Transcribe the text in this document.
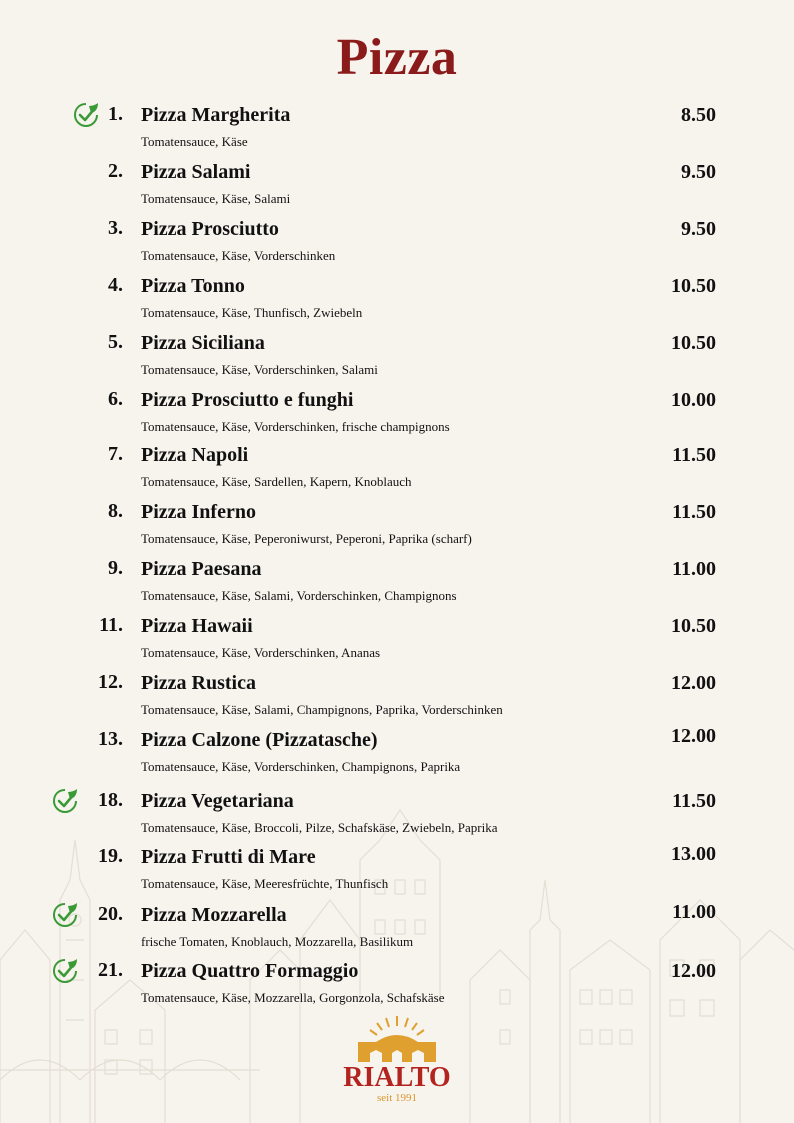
Pizza
1. Pizza Margherita	8.50
Tomatensauce, Käse
2. Pizza Salami	9.50
Tomatensauce, Käse, Salami
3. Pizza Prosciutto	9.50
Tomatensauce, Käse, Vorderschinken
4. Pizza Tonno	10.50
Tomatensauce, Käse, Thunfisch, Zwiebeln
5. Pizza Siciliana	10.50
Tomatensauce, Käse, Vorderschinken, Salami
6. Pizza Prosciutto e funghi	10.00
Tomatensauce, Käse, Vorderschinken, frische champignons
7. Pizza Napoli	11.50
Tomatensauce, Käse, Sardellen, Kapern, Knoblauch
8. Pizza Inferno	11.50
Tomatensauce, Käse, Peperoniwurst, Peperoni, Paprika (scharf)
9. Pizza Paesana	11.00
Tomatensauce, Käse, Salami, Vorderschinken, Champignons
11. Pizza Hawaii	10.50
Tomatensauce, Käse, Vorderschinken, Ananas
12. Pizza Rustica	12.00
Tomatensauce, Käse, Salami, Champignons, Paprika, Vorderschinken
13. Pizza Calzone (Pizzatasche)	12.00
Tomatensauce, Käse, Vorderschinken, Champignons, Paprika
18. Pizza Vegetariana	11.50
Tomatensauce, Käse, Broccoli, Pilze, Schafskäse, Zwiebeln, Paprika
19. Pizza Frutti di Mare	13.00
Tomatensauce, Käse, Meeresfrüchte, Thunfisch
20. Pizza Mozzarella	11.00
frische Tomaten, Knoblauch, Mozzarella, Basilikum
21. Pizza Quattro Formaggio	12.00
Tomatensauce, Käse, Mozzarella, Gorgonzola, Schafskäse
RIALTO
seit 1991
